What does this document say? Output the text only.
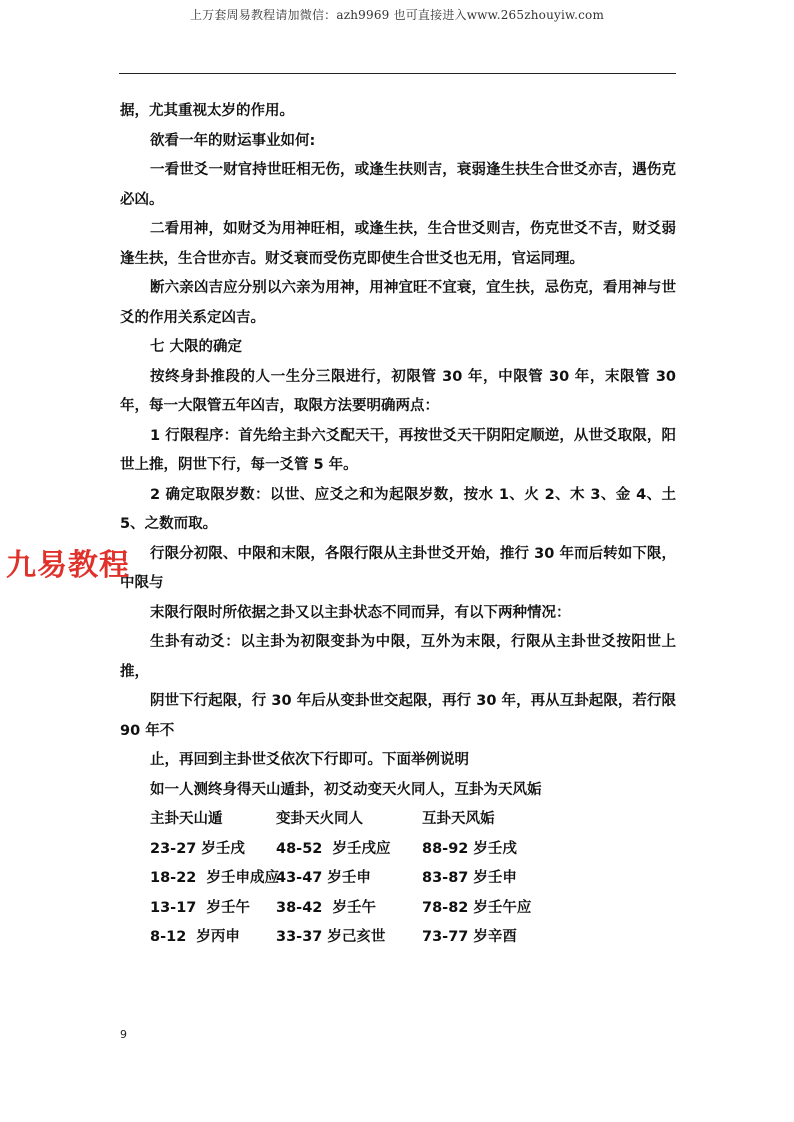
上万套周易教程请加微信：azh9969 也可直接进入www.265zhouyiw.com

据，尤其重视太岁的作用。

欲看一年的财运事业如何:

一看世爻一财官持世旺相无伤，或逢生扶则吉，衰弱逢生扶生合世爻亦吉，遇伤克必凶。

二看用神，如财爻为用神旺相，或逢生扶，生合世爻则吉，伤克世爻不吉，财爻弱逢生扶，生合世亦吉。财爻衰而受伤克即使生合世爻也无用，官运同理。

断六亲凶吉应分别以六亲为用神，用神宜旺不宜衰，宜生扶，忌伤克，看用神与世爻的作用关系定凶吉。

七 大限的确定

按终身卦推段的人一生分三限进行，初限管 30 年，中限管 30 年，末限管 30 年，每一大限管五年凶吉，取限方法要明确两点：

1 行限程序：首先给主卦六爻配天干，再按世爻天干阴阳定顺逆，从世爻取限，阳世上推，阴世下行，每一爻管 5 年。

2 确定取限岁数：以世、应爻之和为起限岁数，按水 1、火 2、木 3、金 4、土 5、之数而取。

行限分初限、中限和末限，各限行限从主卦世爻开始，推行 30 年而后转如下限，中限与

末限行限时所依据之卦又以主卦状态不同而异，有以下两种情况：

生卦有动爻：以主卦为初限变卦为中限，互外为末限，行限从主卦世爻按阳世上推，

阴世下行起限，行 30 年后从变卦世交起限，再行 30 年，再从互卦起限，若行限 90 年不

止，再回到主卦世爻依次下行即可。下面举例说明

如一人测终身得天山遁卦，初爻动变天火同人，互卦为天风姤

主卦天山遁	变卦天火同人	互卦天风姤

23-27 岁壬戌 48-52  岁壬戌应 88-92 岁壬戌

18-22  岁壬申成应43-47 岁壬申	83-87 岁壬申

13-17  岁壬午 38-42  岁壬午	78-82 岁壬午应

8-12  岁丙申 33-37 岁己亥世	73-77 岁辛酉

九易教程
9
